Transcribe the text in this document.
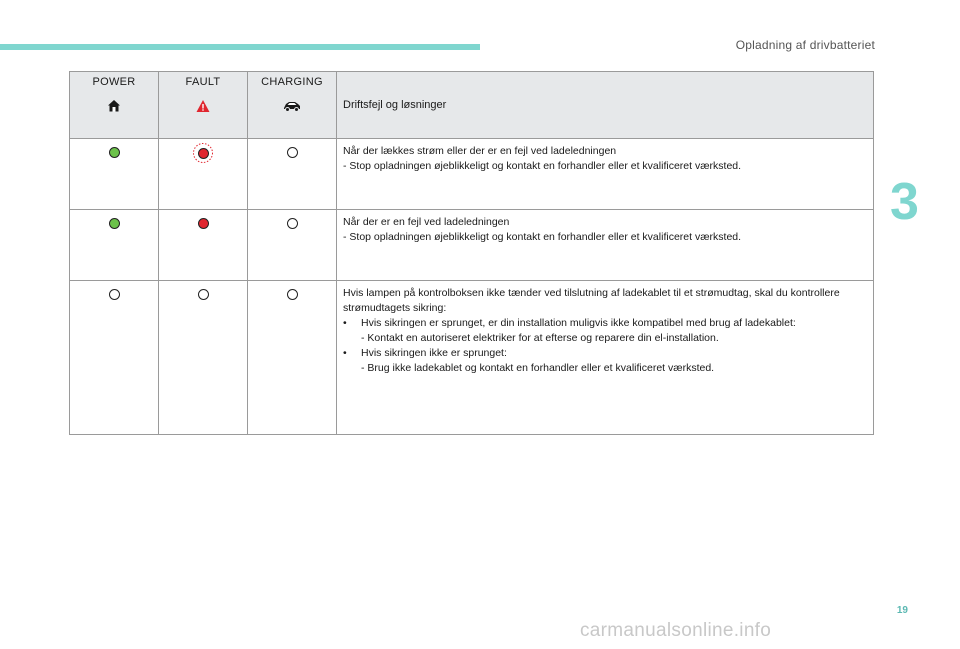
Opladning af drivbatteriet
3
POWER	FAULT	CHARGING	Driftsfejl og løsninger

Når der lækkes strøm eller der er en fejl ved ladeledningen
- Stop opladningen øjeblikkeligt og kontakt en forhandler eller et kvalificeret værksted.

			Når der er en fejl ved ladeledningen
- Stop opladningen øjeblikkeligt og kontakt en forhandler eller et kvalificeret værksted.

			Hvis lampen på kontrolboksen ikke tænder ved tilslutning af ladekablet til et strømudtag, skal du kontrollere strømudtagets sikring:
• Hvis sikringen er sprunget, er din installation muligvis ikke kompatibel med brug af ladekablet:
- Kontakt en autoriseret elektriker for at efterse og reparere din el-installation.
• Hvis sikringen ikke er sprunget:
- Brug ikke ladekablet og kontakt en forhandler eller et kvalificeret værksted.
19
carmanualsonline.info
